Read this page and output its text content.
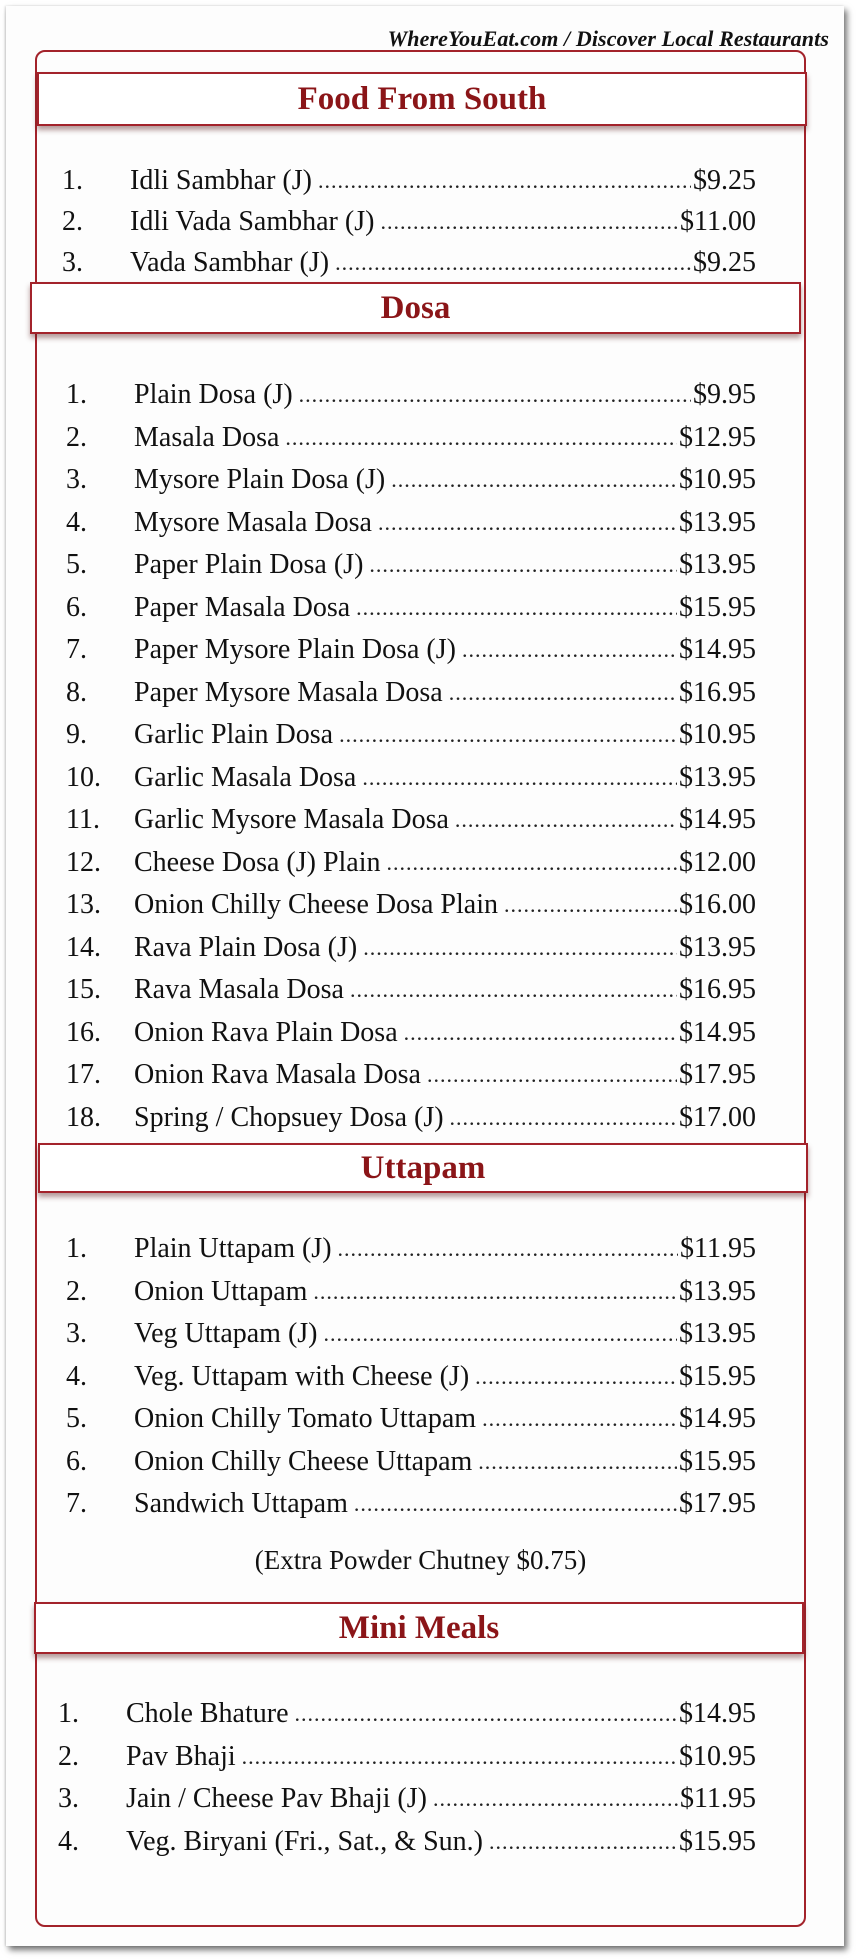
WhereYouEat.com / Discover Local Restaurants
Food From South
1.	Idli Sambhar (J) .....	$9.25
2.	Idli Vada Sambhar (J) .....	$11.00
3.	Vada Sambhar (J) .....	$9.25
Dosa
1.	Plain Dosa (J) .....	$9.95
2.	Masala Dosa .....	$12.95
3.	Mysore Plain Dosa (J) .....	$10.95
4.	Mysore Masala Dosa .....	$13.95
5.	Paper Plain Dosa (J) .....	$13.95
6.	Paper Masala Dosa .....	$15.95
7.	Paper Mysore Plain Dosa (J) .....	$14.95
8.	Paper Mysore Masala Dosa .....	$16.95
9.	Garlic Plain Dosa .....	$10.95
10.	Garlic Masala Dosa .....	$13.95
11.	Garlic Mysore Masala Dosa .....	$14.95
12.	Cheese Dosa (J) Plain .....	$12.00
13.	Onion Chilly Cheese Dosa Plain .....	$16.00
14.	Rava Plain Dosa (J) .....	$13.95
15.	Rava Masala Dosa .....	$16.95
16.	Onion Rava Plain Dosa .....	$14.95
17.	Onion Rava Masala Dosa .....	$17.95
18.	Spring / Chopsuey Dosa (J) .....	$17.00
Uttapam
1.	Plain Uttapam (J) .....	$11.95
2.	Onion Uttapam .....	$13.95
3.	Veg Uttapam (J) .....	$13.95
4.	Veg. Uttapam with Cheese (J) .....	$15.95
5.	Onion Chilly Tomato Uttapam .....	$14.95
6.	Onion Chilly Cheese Uttapam .....	$15.95
7.	Sandwich Uttapam .....	$17.95
(Extra Powder Chutney $0.75)
Mini Meals
1.	Chole Bhature .....	$14.95
2.	Pav Bhaji .....	$10.95
3.	Jain / Cheese Pav Bhaji (J) .....	$11.95
4.	Veg. Biryani (Fri., Sat., & Sun.) .....	$15.95
